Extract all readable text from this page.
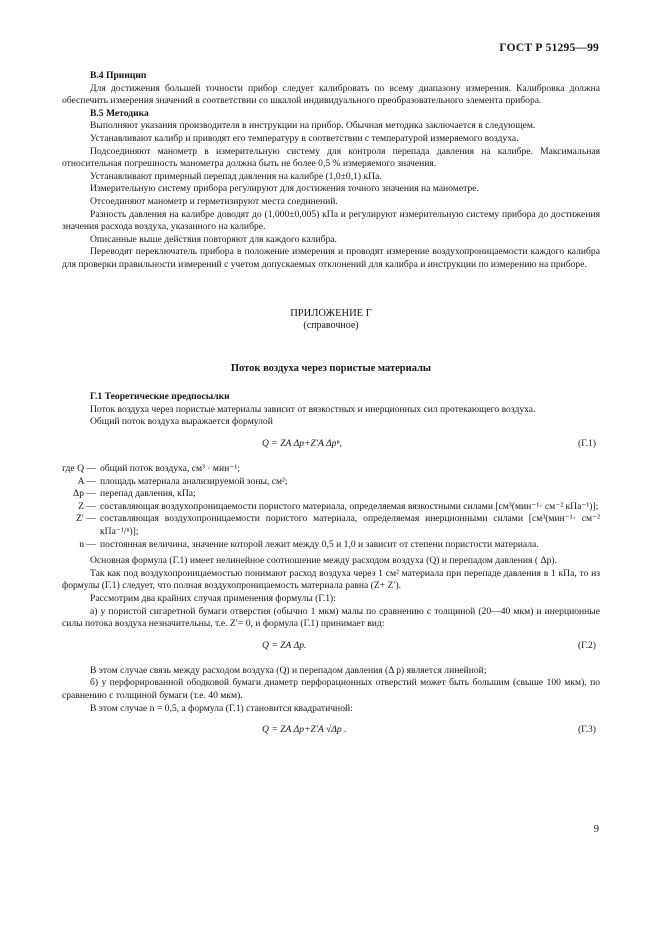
ГОСТ Р 51295—99

В.4 Принцип

Для достижения большей точности прибор следует калибровать по всему диапазону измерения. Калибровка должна обеспечить измерения значений в соответствии со шкалой индивидуального преобразовательного элемента прибора.

В.5 Методика

Выполняют указания производителя в инструкции на прибор. Обычная методика заключается в следующем.

Устанавливают калибр и приводят его температуру в соответствии с температурой измеряемого воздуха.

Подсоединяют манометр в измерительную систему для контроля перепада давления на калибре. Максимальная относительная погрешность манометра должна быть не более 0,5 % измеряемого значения.

Устанавливают примерный перепад давления на калибре (1,0±0,1) кПа.

Измерительную систему прибора регулируют для достижения точного значения на манометре.

Отсоединяют манометр и герметизируют места соединений.

Разность давления на калибре доводят до (1,000±0,005) кПа и регулируют измерительную систему прибора до достижения значения расхода воздуха, указанного на калибре.

Описанные выше действия повторяют для каждого калибра.

Переводят переключатель прибора в положение измерения и проводят измерение воздухопроницаемости каждого калибра для проверки правильности измерений с учетом допускаемых отклонений для калибра и инструкции по измерению на приборе.

ПРИЛОЖЕНИЕ Г

(справочное)

Поток воздуха через пористые материалы

Г.1 Теоретические предпосылки

Поток воздуха через пористые материалы зависит от вязкостных и инерционных сил протекающего воздуха.

Общий поток воздуха выражается формулой

Q = ZA Δp+Z′A Δpⁿ,	(Г.1)
где Q — общий поток воздуха, см³ · мин⁻¹;
A — площадь материала анализируемой зоны, см²;
Δp — перепад давления, кПа;
Z — составляющая воздухопроницаемости пористого материала, определяемая вязкостными силами [см³(мин⁻¹· см⁻² кПа⁻¹)];
Z′ — составляющая воздухопроницаемости пористого материала, определяемая инерционными силами [см³(мин⁻¹· см⁻² кПа⁻¹/ⁿ)];
n — постоянная величина, значение которой лежит между 0,5 и 1,0 и зависит от степени пористости материала.

Основная формула (Г.1) имеет нелинейное соотношение между расходом воздуха (Q) и перепадом давления ( Δp).

Так как под воздухопроницаемостью понимают расход воздуха через 1 см² материала при перепаде давления в 1 кПа, то из формулы (Г.1) следует, что полная воздухопроницаемость материала равна (Z+ Z′).

Рассмотрим два крайних случая применения формулы (Г.1):

а) у пористой сигаретной бумаги отверстия (обычно 1 мкм) малы по сравнению с толщиной (20—40 мкм) и инерционные силы потока воздуха незначительны, т.е. Z′= 0, и формула (Г.1) принимает вид:

Q = ZA Δp.	(Г.2)

В этом случае связь между расходом воздуха (Q) и перепадом давления (Δ p) является линейной;

б) у перфорированной ободковой бумаги диаметр перфорационных отверстий может быть большим (свыше 100 мкм), по сравнению с толщиной бумаги (т.е. 40 мкм).

В этом случае n = 0,5, а формула (Г.1) становится квадратичной:

Q = ZA Δp+Z′A √Δp .	(Г.3)
9
